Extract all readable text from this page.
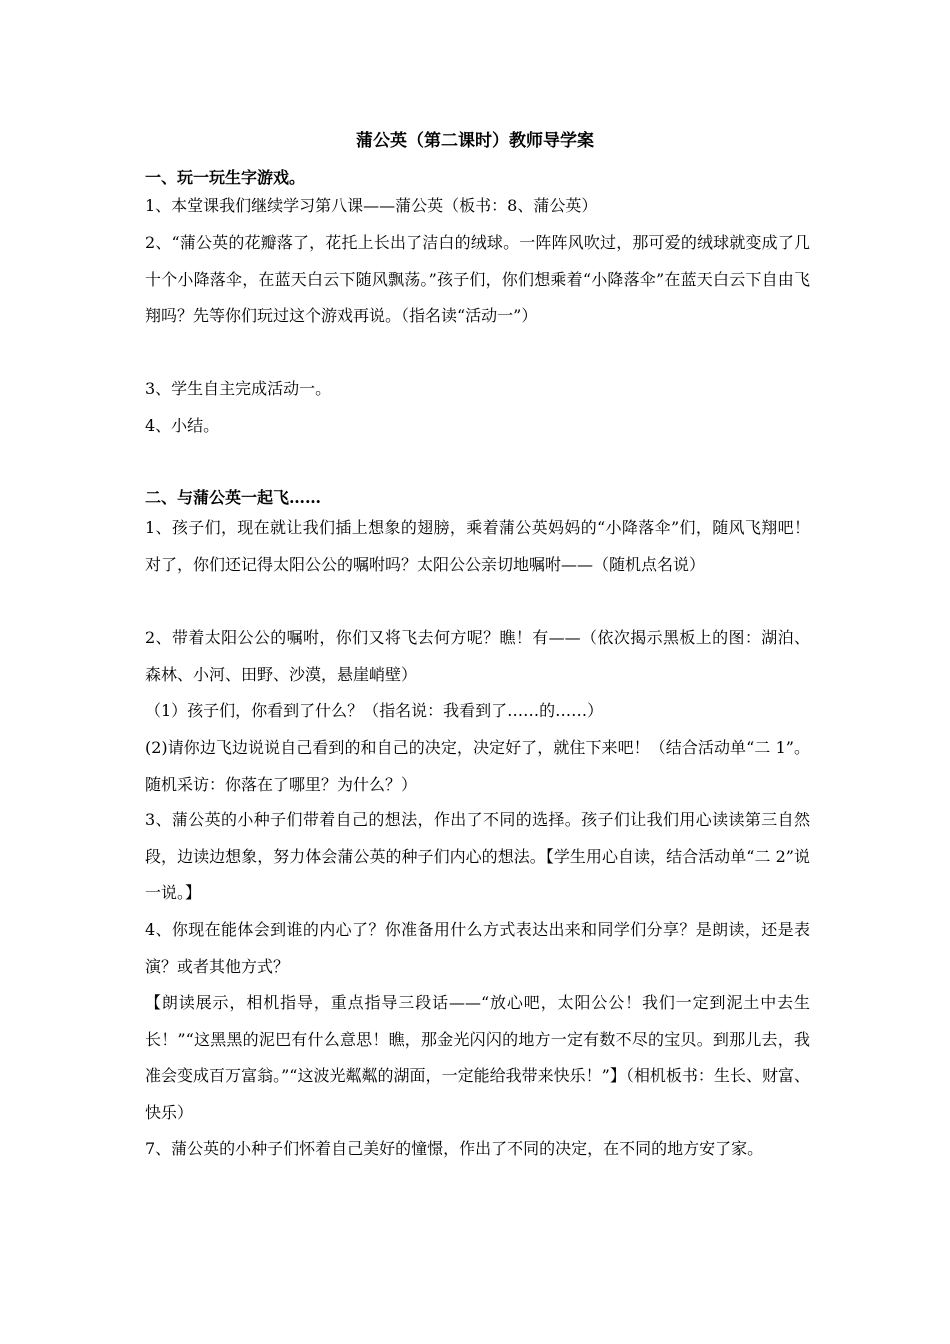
蒲公英（第二课时）教师导学案
一、玩一玩生字游戏。
1、本堂课我们继续学习第八课——蒲公英（板书：8、蒲公英）
2、“蒲公英的花瓣落了，花托上长出了洁白的绒球。一阵阵风吹过，那可爱的绒球就变成了几十个小降落伞，在蓝天白云下随风飘荡。”孩子们，你们想乘着“小降落伞”在蓝天白云下自由飞翔吗？先等你们玩过这个游戏再说。（指名读“活动一”）
3、学生自主完成活动一。
4、小结。
二、与蒲公英一起飞……
1、孩子们，现在就让我们插上想象的翅膀，乘着蒲公英妈妈的“小降落伞”们，随风飞翔吧！对了，你们还记得太阳公公的嘱咐吗？太阳公公亲切地嘱咐——（随机点名说）
2、带着太阳公公的嘱咐，你们又将飞去何方呢？瞧！有——（依次揭示黑板上的图：湖泊、森林、小河、田野、沙漠，悬崖峭壁）
（1）孩子们，你看到了什么？（指名说：我看到了……的……）
(2)请你边飞边说说自己看到的和自己的决定，决定好了，就住下来吧！（结合活动单“二 1”。随机采访：你落在了哪里？为什么？）
3、蒲公英的小种子们带着自己的想法，作出了不同的选择。孩子们让我们用心读读第三自然段，边读边想象，努力体会蒲公英的种子们内心的想法。【学生用心自读，结合活动单“二 2”说一说。】
4、你现在能体会到谁的内心了？你准备用什么方式表达出来和同学们分享？是朗读，还是表演？或者其他方式？
【朗读展示，相机指导，重点指导三段话——“放心吧，太阳公公！我们一定到泥土中去生长！”“这黑黑的泥巴有什么意思！瞧，那金光闪闪的地方一定有数不尽的宝贝。到那儿去，我准会变成百万富翁。”“这波光粼粼的湖面，一定能给我带来快乐！”】（相机板书：生长、财富、快乐）
7、蒲公英的小种子们怀着自己美好的憧憬，作出了不同的决定，在不同的地方安了家。
